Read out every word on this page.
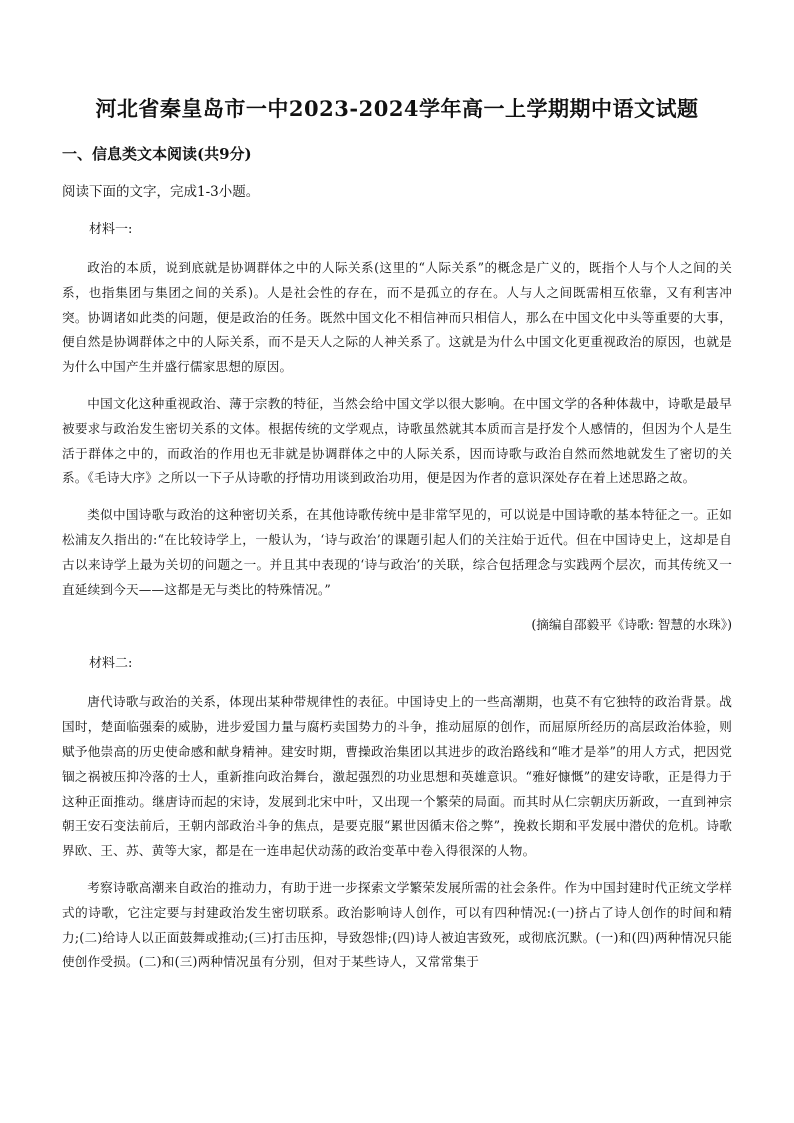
河北省秦皇岛市一中2023-2024学年高一上学期期中语文试题
一、信息类文本阅读(共9分)
阅读下面的文字，完成1-3小题。
材料一:

政治的本质，说到底就是协调群体之中的人际关系(这里的“人际关系”的概念是广义的，既指个人与个人之间的关系，也指集团与集团之间的关系)。人是社会性的存在，而不是孤立的存在。人与人之间既需相互依靠，又有利害冲突。协调诸如此类的问题，便是政治的任务。既然中国文化不相信神而只相信人，那么在中国文化中头等重要的大事，便自然是协调群体之中的人际关系，而不是天人之际的人神关系了。这就是为什么中国文化更重视政治的原因，也就是为什么中国产生并盛行儒家思想的原因。

中国文化这种重视政治、薄于宗教的特征，当然会给中国文学以很大影响。在中国文学的各种体裁中，诗歌是最早被要求与政治发生密切关系的文体。根据传统的文学观点，诗歌虽然就其本质而言是抒发个人感情的，但因为个人是生活于群体之中的，而政治的作用也无非就是协调群体之中的人际关系，因而诗歌与政治自然而然地就发生了密切的关系。《毛诗大序》之所以一下子从诗歌的抒情功用谈到政治功用，便是因为作者的意识深处存在着上述思路之故。

类似中国诗歌与政治的这种密切关系，在其他诗歌传统中是非常罕见的，可以说是中国诗歌的基本特征之一。正如松浦友久指出的:“在比较诗学上，一般认为，‘诗与政治’的课题引起人们的关注始于近代。但在中国诗史上，这却是自古以来诗学上最为关切的问题之一。并且其中表现的‘诗与政治’的关联，综合包括理念与实践两个层次，而其传统又一直延续到今天——这都是无与类比的特殊情况。”

(摘编自邵毅平《诗歌: 智慧的水珠》)
材料二:

唐代诗歌与政治的关系，体现出某种带规律性的表征。中国诗史上的一些高潮期，也莫不有它独特的政治背景。战国时，楚面临强秦的威胁，进步爱国力量与腐朽卖国势力的斗争，推动屈原的创作，而屈原所经历的高层政治体验，则赋予他崇高的历史使命感和献身精神。建安时期，曹操政治集团以其进步的政治路线和“唯才是举”的用人方式，把因党锢之祸被压抑冷落的士人，重新推向政治舞台，激起强烈的功业思想和英雄意识。“雅好慷慨”的建安诗歌，正是得力于这种正面推动。继唐诗而起的宋诗，发展到北宋中叶，又出现一个繁荣的局面。而其时从仁宗朝庆历新政，一直到神宗朝王安石变法前后，王朝内部政治斗争的焦点，是要克服“累世因循末俗之弊”，挽救长期和平发展中潜伏的危机。诗歌界欧、王、苏、黄等大家，都是在一连串起伏动荡的政治变革中卷入得很深的人物。

考察诗歌高潮来自政治的推动力，有助于进一步探索文学繁荣发展所需的社会条件。作为中国封建时代正统文学样式的诗歌，它注定要与封建政治发生密切联系。政治影响诗人创作，可以有四种情况:(一)挤占了诗人创作的时间和精力;(二)给诗人以正面鼓舞或推动;(三)打击压抑，导致怨悱;(四)诗人被迫害致死，或彻底沉默。(一)和(四)两种情况只能使创作受损。(二)和(三)两种情况虽有分别，但对于某些诗人，又常常集于
